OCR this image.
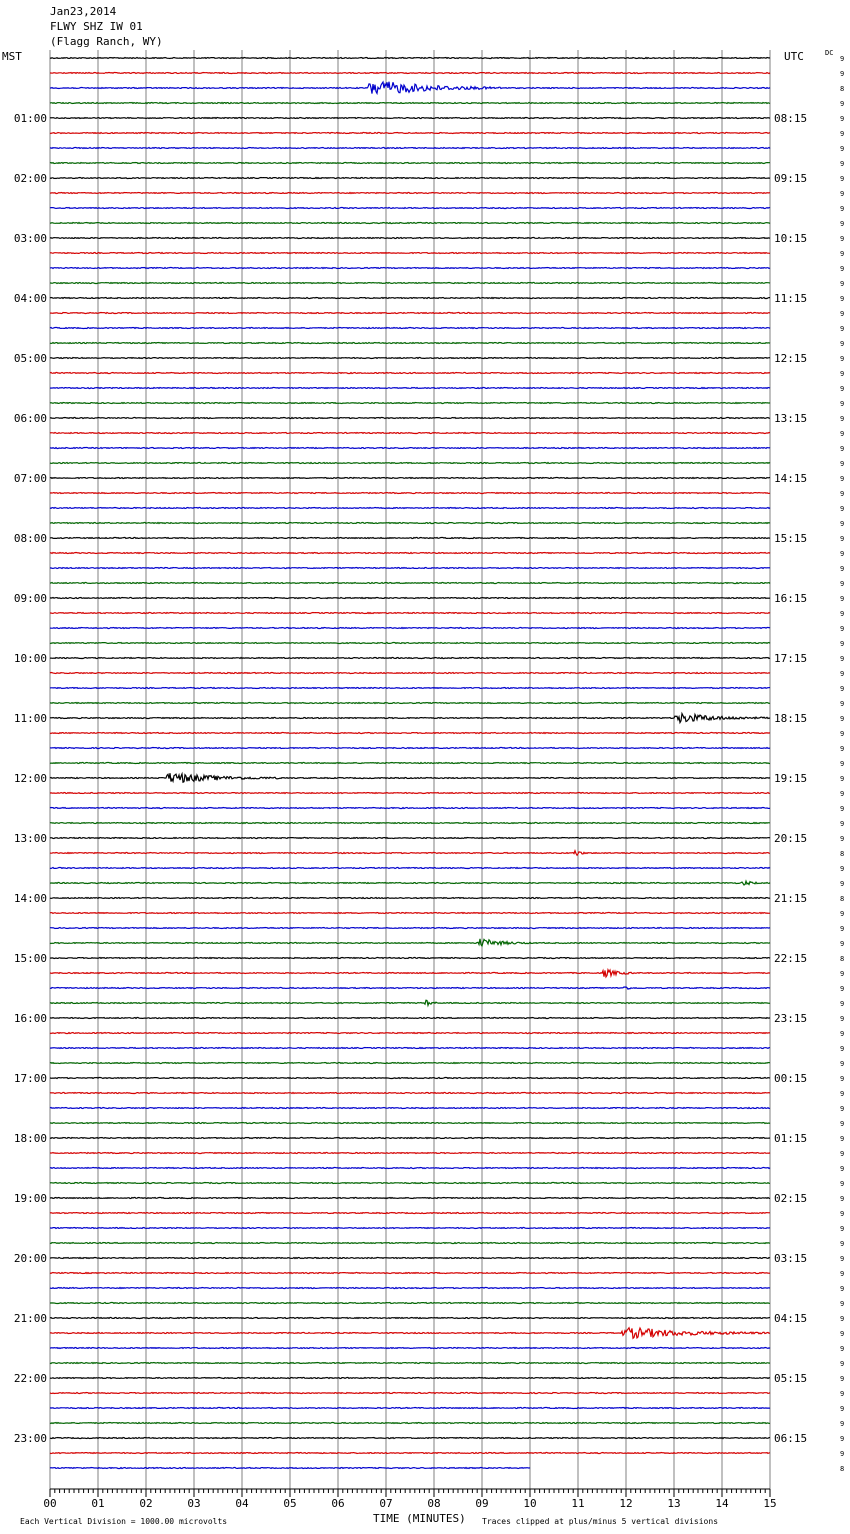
01:00
02:00
03:00
04:00
05:00
06:00
07:00
08:00
09:00
10:00
11:00
12:00
13:00
14:00
15:00
16:00
17:00
18:00
19:00
20:00
21:00
22:00
23:00
08:15
09:15
10:15
11:15
12:15
13:15
14:15
15:15
16:15
17:15
18:15
19:15
20:15
21:15
22:15
23:15
00:15
01:15
02:15
03:15
04:15
05:15
06:15
9
9
8
9
9
9
9
9
9
9
9
9
9
9
9
9
9
9
9
9
9
9
9
9
9
9
9
9
9
9
9
9
9
9
9
9
9
9
9
9
9
9
9
9
9
9
9
9
9
9
9
9
9
8
9
9
8
9
9
9
8
9
9
9
9
9
9
9
9
9
9
9
9
9
9
9
9
9
9
9
9
9
9
9
9
9
9
9
9
9
9
9
9
9
8
00	01	02	03	04	05	06	07	08	09	10	11	12	13	14	15
Jan23,2014
FLWY SHZ IW 01
(Flagg Ranch, WY)
MST	UTC	DC
Each Vertical Division = 1000.00 microvolts	TIME (MINUTES) Traces clipped at plus/minus 5 vertical divisions
